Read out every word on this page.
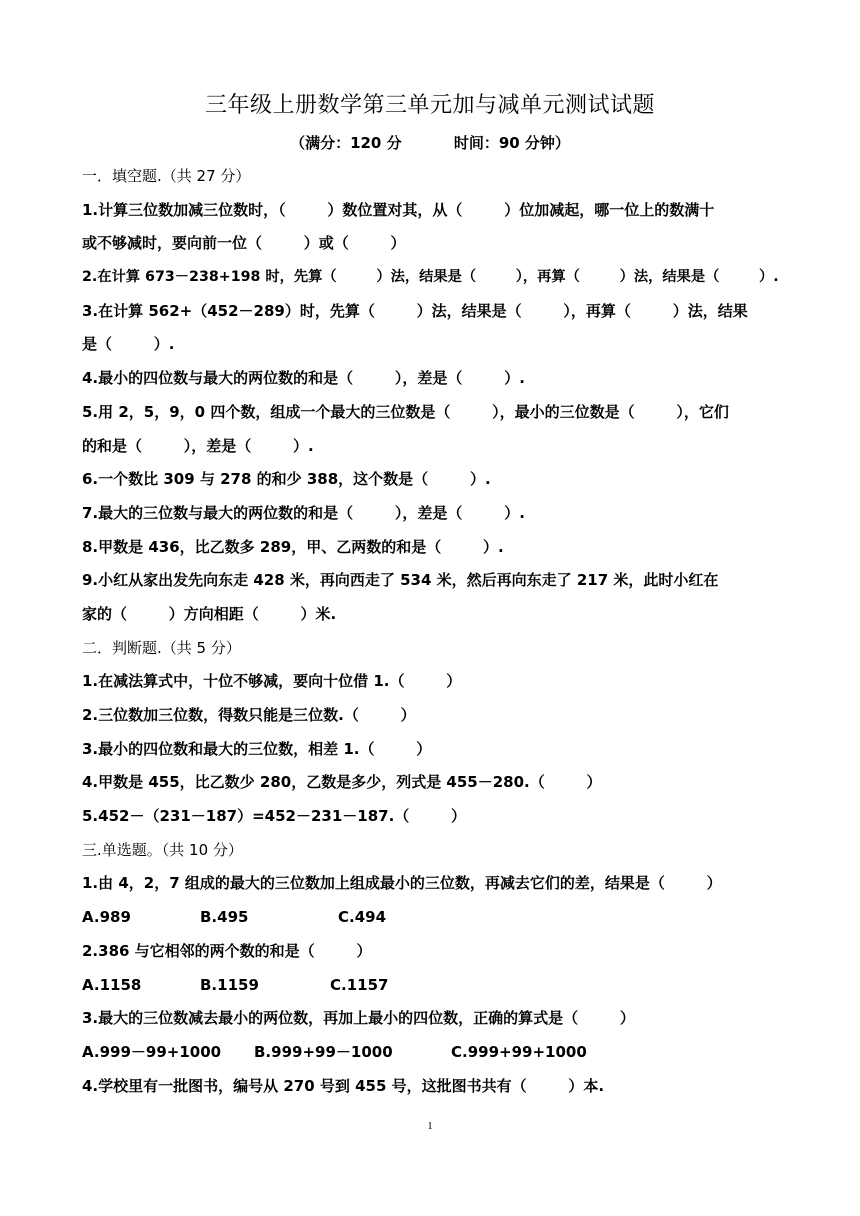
三年级上册数学第三单元加与减单元测试试题
（满分：120 分          时间：90 分钟）
一．填空题.（共 27 分）
1.计算三位数加减三位数时，（        ）数位置对其，从（        ）位加减起，哪一位上的数满十
或不够减时，要向前一位（        ）或（        ）
2.在计算 673－238+198 时，先算（        ）法，结果是（        ），再算（        ）法，结果是（        ）.
3.在计算 562+（452－289）时，先算（        ）法，结果是（        ），再算（        ）法，结果
是（        ）.
4.最小的四位数与最大的两位数的和是（        ），差是（        ）.
5.用 2，5，9，0 四个数，组成一个最大的三位数是（        ），最小的三位数是（        ），它们
的和是（        ），差是（        ）.
6.一个数比 309 与 278 的和少 388，这个数是（        ）.
7.最大的三位数与最大的两位数的和是（        ），差是（        ）.
8.甲数是 436，比乙数多 289，甲、乙两数的和是（        ）.
9.小红从家出发先向东走 428 米，再向西走了 534 米，然后再向东走了 217 米，此时小红在
家的（        ）方向相距（        ）米.
二．判断题.（共 5 分）
1.在减法算式中，十位不够减，要向十位借 1.（        ）
2.三位数加三位数，得数只能是三位数.（        ）
3.最小的四位数和最大的三位数，相差 1.（        ）
4.甲数是 455，比乙数少 280，乙数是多少，列式是 455－280.（        ）
5.452－（231－187）=452－231－187.（        ）
三.单选题。（共 10 分）
1.由 4，2，7 组成的最大的三位数加上组成最小的三位数，再减去它们的差，结果是（        ）
A.989	B.495	C.494
2.386 与它相邻的两个数的和是（        ）
A.1158	B.1159	C.1157
3.最大的三位数减去最小的两位数，再加上最小的四位数，正确的算式是（        ）
A.999－99+1000	B.999+99－1000	C.999+99+1000
4.学校里有一批图书，编号从 270 号到 455 号，这批图书共有（        ）本.
1
